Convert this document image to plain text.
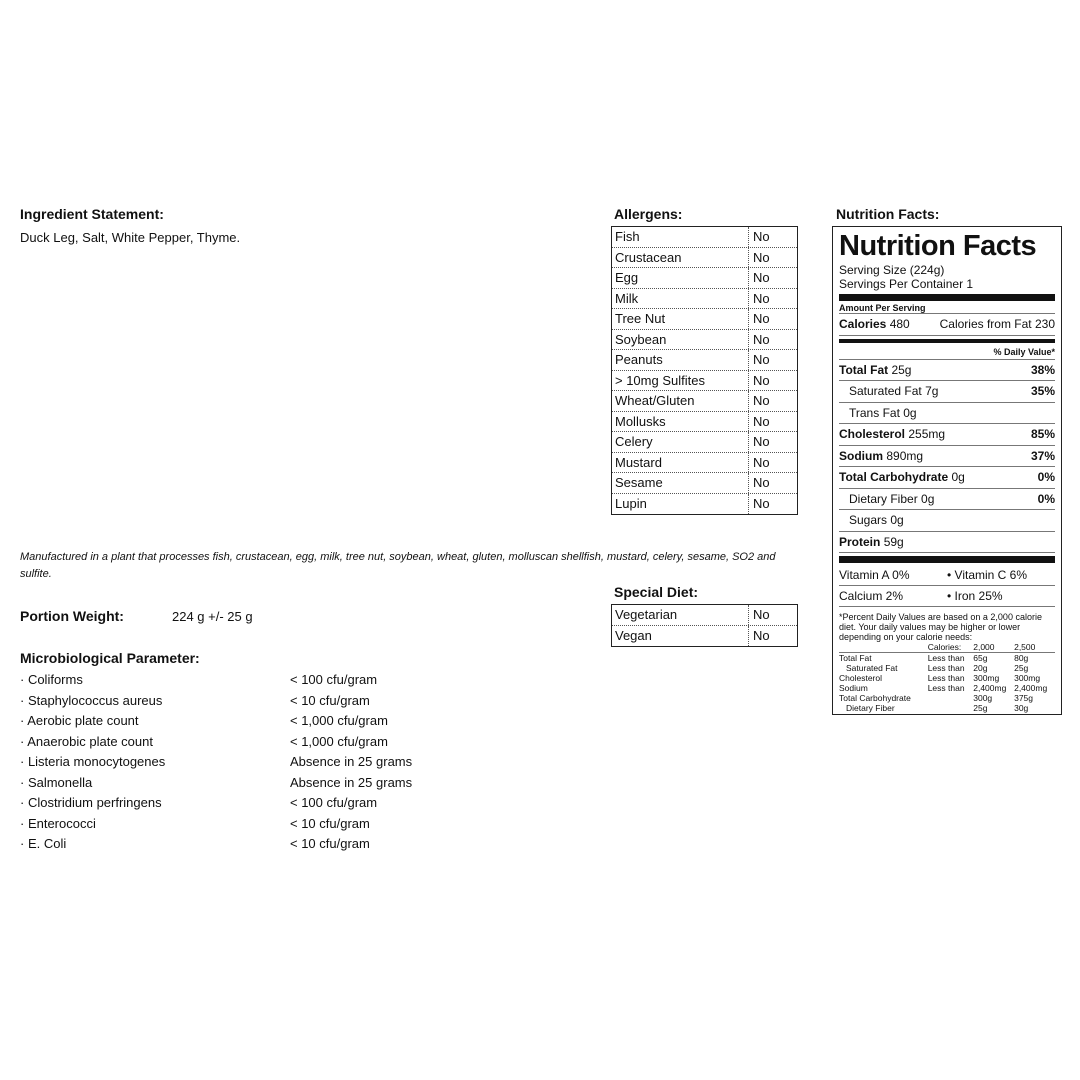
Ingredient Statement:
Duck Leg, Salt, White Pepper, Thyme.
Manufactured in a plant that processes fish, crustacean, egg, milk, tree nut, soybean, wheat, gluten, molluscan shellfish, mustard, celery, sesame, SO2 and sulfite.
Portion Weight:	224 g +/- 25 g
Microbiological Parameter:
· Coliforms	< 100 cfu/gram
· Staphylococcus aureus	< 10 cfu/gram
· Aerobic plate count	< 1,000 cfu/gram
· Anaerobic plate count	< 1,000 cfu/gram
· Listeria monocytogenes	Absence in 25 grams
· Salmonella	Absence in 25 grams
· Clostridium perfringens	< 100 cfu/gram
· Enterococci	< 10 cfu/gram
· E. Coli	< 10 cfu/gram
Allergens:
Fish	No
Crustacean	No
Egg	No
Milk	No
Tree Nut	No
Soybean	No
Peanuts	No
> 10mg Sulfites	No
Wheat/Gluten	No
Mollusks	No
Celery	No
Mustard	No
Sesame	No
Lupin	No
Special Diet:
Vegetarian	No
Vegan	No
Nutrition Facts:
Nutrition Facts
Serving Size (224g)
Servings Per Container 1
Amount Per Serving
Calories 480 Calories from Fat 230
% Daily Value*
Total Fat 25g	38%
Saturated Fat 7g	35%
Trans Fat 0g
Cholesterol 255mg	85%
Sodium 890mg	37%
Total Carbohydrate 0g	0%
Dietary Fiber 0g	0%
Sugars 0g
Protein 59g
Vitamin A 0%	• Vitamin C 6%
Calcium 2%	• Iron 25%
*Percent Daily Values are based on a 2,000 calorie diet. Your daily values may be higher or lower depending on your calorie needs:
	Calories:	2,000	2,500
Total Fat	Less than	65g	80g
Saturated Fat	Less than	20g	25g
Cholesterol	Less than	300mg	300mg
Sodium	Less than	2,400mg	2,400mg
Total Carbohydrate		300g	375g
Dietary Fiber		25g	30g
